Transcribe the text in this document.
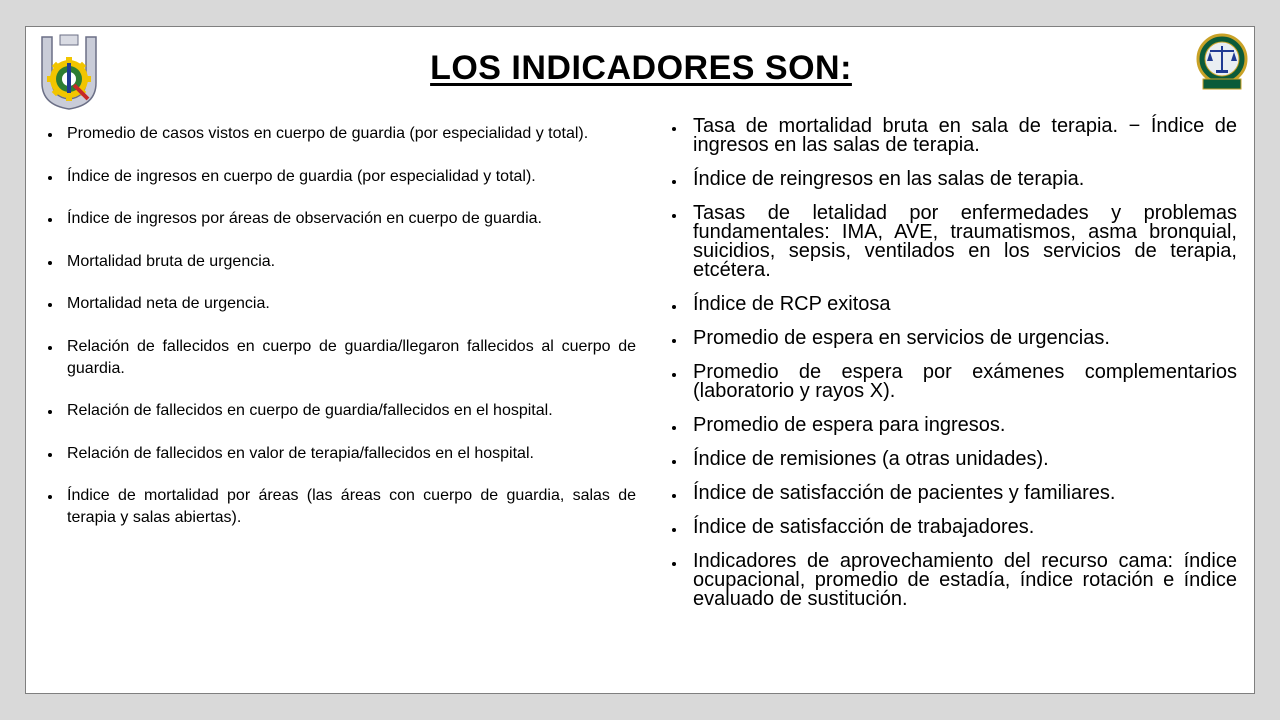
LOS INDICADORES SON:
Promedio de casos vistos en cuerpo de guardia (por especialidad y total).
Índice de ingresos en cuerpo de guardia (por especialidad y total).
Índice de ingresos por áreas de observación en cuerpo de guardia.
Mortalidad bruta de urgencia.
Mortalidad neta de urgencia.
Relación de fallecidos en cuerpo de guardia/llegaron fallecidos al cuerpo de guardia.
Relación de fallecidos en cuerpo de guardia/fallecidos en el hospital.
Relación de fallecidos en valor de terapia/fallecidos en el hospital.
Índice de mortalidad por áreas (las áreas con cuerpo de guardia, salas de terapia y salas abiertas).
Tasa de mortalidad bruta en sala de terapia. − Índice de ingresos en las salas de terapia.
Índice de reingresos en las salas de terapia.
Tasas de letalidad por enfermedades y problemas fundamentales: IMA, AVE, traumatismos, asma bronquial, suicidios, sepsis, ventilados en los servicios de terapia, etcétera.
Índice de RCP exitosa
Promedio de espera en servicios de urgencias.
Promedio de espera por exámenes complementarios (laboratorio y rayos X).
Promedio de espera para ingresos.
Índice de remisiones (a otras unidades).
Índice de satisfacción de pacientes y familiares.
Índice de satisfacción de trabajadores.
Indicadores de aprovechamiento del recurso cama: índice ocupacional, promedio de estadía, índice rotación e índice evaluado de sustitución.
